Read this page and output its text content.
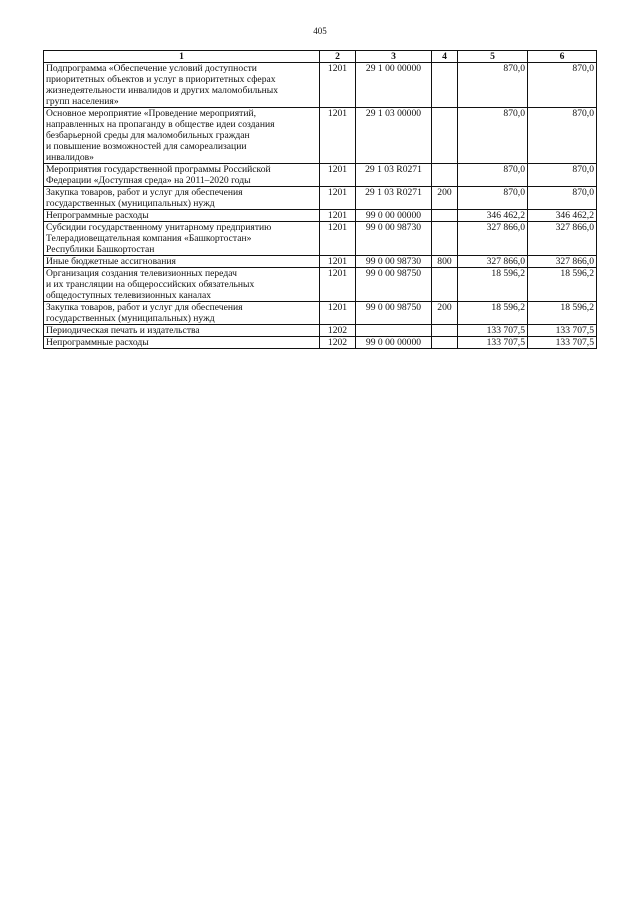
405
1	2	3	4	5	6
Подпрограмма «Обеспечение условий доступности
приоритетных объектов и услуг в приоритетных сферах
жизнедеятельности инвалидов и других маломобильных
групп населения»	1201	29 1 00 00000		870,0	870,0
Основное мероприятие «Проведение мероприятий,
направленных на пропаганду в обществе идеи создания
безбарьерной среды для маломобильных граждан
и повышение возможностей для самореализации
инвалидов»	1201	29 1 03 00000		870,0	870,0
Мероприятия государственной программы Российской
Федерации «Доступная среда» на 2011–2020 годы	1201	29 1 03 R0271		870,0	870,0
Закупка товаров, работ и услуг для обеспечения
государственных (муниципальных) нужд	1201	29 1 03 R0271	200	870,0	870,0
Непрограммные расходы	1201	99 0 00 00000		346 462,2	346 462,2
Субсидии государственному унитарному предприятию
Телерадиовещательная компания «Башкортостан»
Республики Башкортостан	1201	99 0 00 98730		327 866,0	327 866,0
Иные бюджетные ассигнования	1201	99 0 00 98730	800	327 866,0	327 866,0
Организация создания телевизионных передач
и их трансляции на общероссийских обязательных
общедоступных телевизионных каналах	1201	99 0 00 98750		18 596,2	18 596,2
Закупка товаров, работ и услуг для обеспечения
государственных (муниципальных) нужд	1201	99 0 00 98750	200	18 596,2	18 596,2
Периодическая печать и издательства	1202			133 707,5	133 707,5
Непрограммные расходы	1202	99 0 00 00000		133 707,5	133 707,5
